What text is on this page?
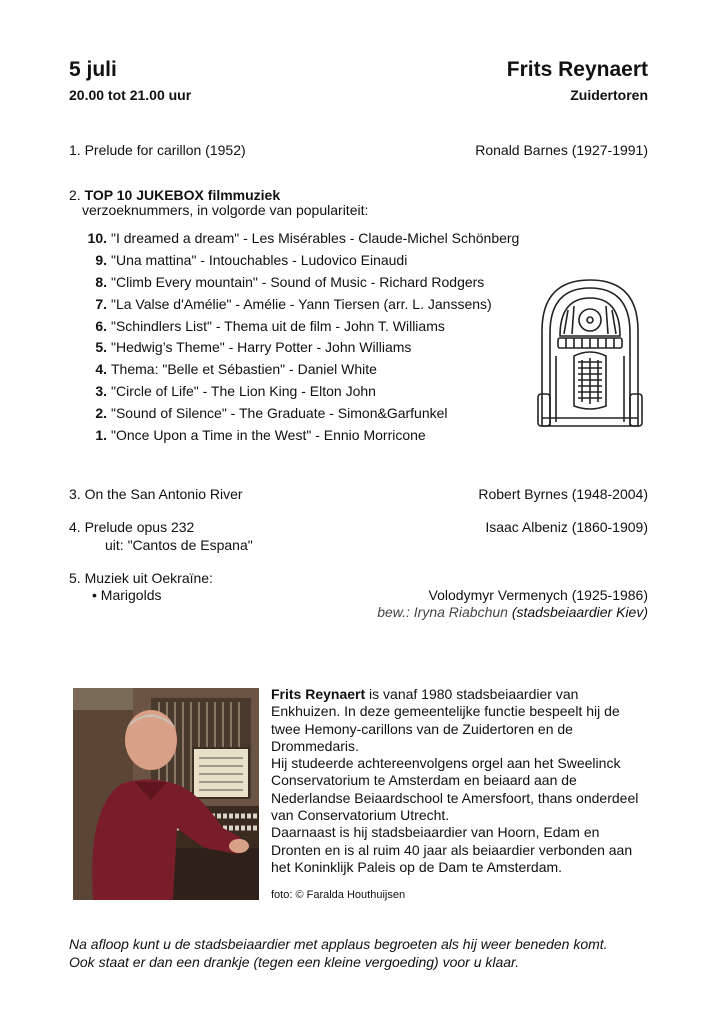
5 juli	Frits Reynaert
20.00 tot 21.00 uur	Zuidertoren
1. Prelude for carillon (1952)	Ronald Barnes (1927-1991)
2. TOP 10 JUKEBOX filmmuziek
verzoeknummers, in volgorde van populariteit:
10. "I dreamed a dream" - Les Misérables - Claude-Michel Schönberg
9. "Una mattina" - Intouchables - Ludovico Einaudi
8. "Climb Every mountain" - Sound of Music - Richard Rodgers
7. "La Valse d'Amélie" - Amélie - Yann Tiersen (arr. L. Janssens)
6. "Schindlers List" - Thema uit de film - John T. Williams
5. "Hedwig’s Theme" - Harry Potter - John Williams
4. Thema: "Belle et Sébastien" - Daniel White
3. "Circle of Life" - The Lion King - Elton John
2. "Sound of Silence" - The Graduate - Simon&Garfunkel
1. "Once Upon a Time in the West" - Ennio Morricone
3. On the San Antonio River	Robert Byrnes (1948-2004)
4. Prelude opus 232	Isaac Albeniz (1860-1909)
uit: "Cantos de Espana"
5. Muziek uit Oekraïne:
• Marigolds	Volodymyr Vermenych (1925-1986)
bew.: Iryna Riabchun (stadsbeiaardier Kiev)
Frits Reynaert is vanaf 1980 stadsbeiaardier van Enkhuizen. In deze gemeentelijke functie bespeelt hij de twee Hemony-carillons van de Zuidertoren en de Drommedaris.
Hij studeerde achtereenvolgens orgel aan het Sweelinck Conservatorium te Amsterdam en beiaard aan de Nederlandse Beiaardschool te Amersfoort, thans onderdeel van Conservatorium Utrecht.
Daarnaast is hij stadsbeiaardier van Hoorn, Edam en Dronten en is al ruim 40 jaar als beiaardier verbonden aan het Koninklijk Paleis op de Dam te Amsterdam.
foto: © Faralda Houthuijsen
Na afloop kunt u de stadsbeiaardier met applaus begroeten als hij weer beneden komt.
Ook staat er dan een drankje (tegen een kleine vergoeding) voor u klaar.
